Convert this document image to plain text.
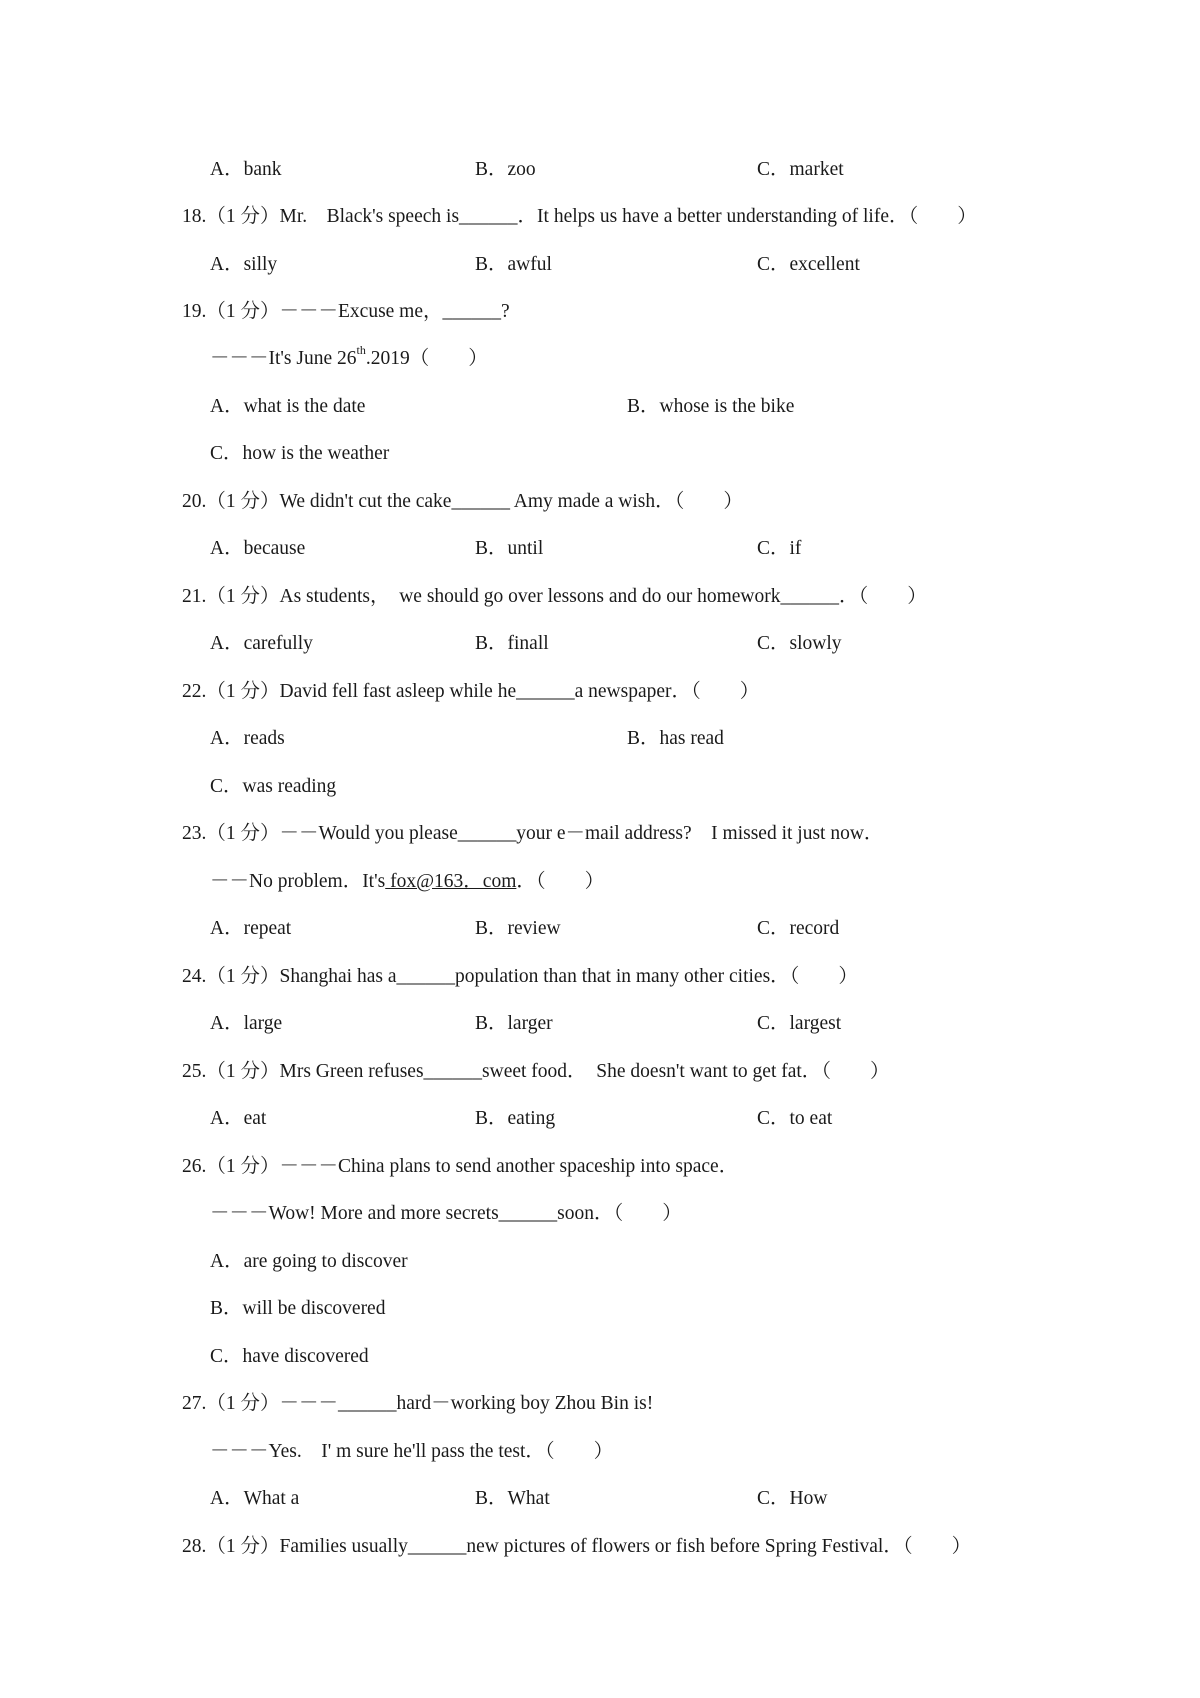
A．bank	B．zoo	C．market
18.（1 分）Mr.　Black's speech is______．It helps us have a better understanding of life．（　　）
A．silly	B．awful	C．excellent
19.（1 分）－－－Excuse me，______?
－－－It's June 26th.2019（　　）
A．what is the date	B．whose is the bike
C．how is the weather
20.（1 分）We didn't cut the cake______ Amy made a wish．（　　）
A．because	B．until	C．if
21.（1 分）As students，　we should go over lessons and do our homework______．（　　）
A．carefully	B．finall	C．slowly
22.（1 分）David fell fast asleep while he______a newspaper．（　　）
A．reads	B．has read
C．was reading
23.（1 分）－－Would you please______your e－mail address?　I missed it just now．
－－No problem．It's fox@163．com．（　　）
A．repeat	B．review	C．record
24.（1 分）Shanghai has a______population than that in many other cities．（　　）
A．large	B．larger	C．largest
25.（1 分）Mrs Green refuses______sweet food．　She doesn't want to get fat．（　　）
A．eat	B．eating	C．to eat
26.（1 分）－－－China plans to send another spaceship into space．
－－－Wow! More and more secrets______soon．（　　）
A．are going to discover
B．will be discovered
C．have discovered
27.（1 分）－－－______hard－working boy Zhou Bin is!
－－－Yes.　I' m sure he'll pass the test．（　　）
A．What a	B．What	C．How
28.（1 分）Families usually______new pictures of flowers or fish before Spring Festival．（　　）
